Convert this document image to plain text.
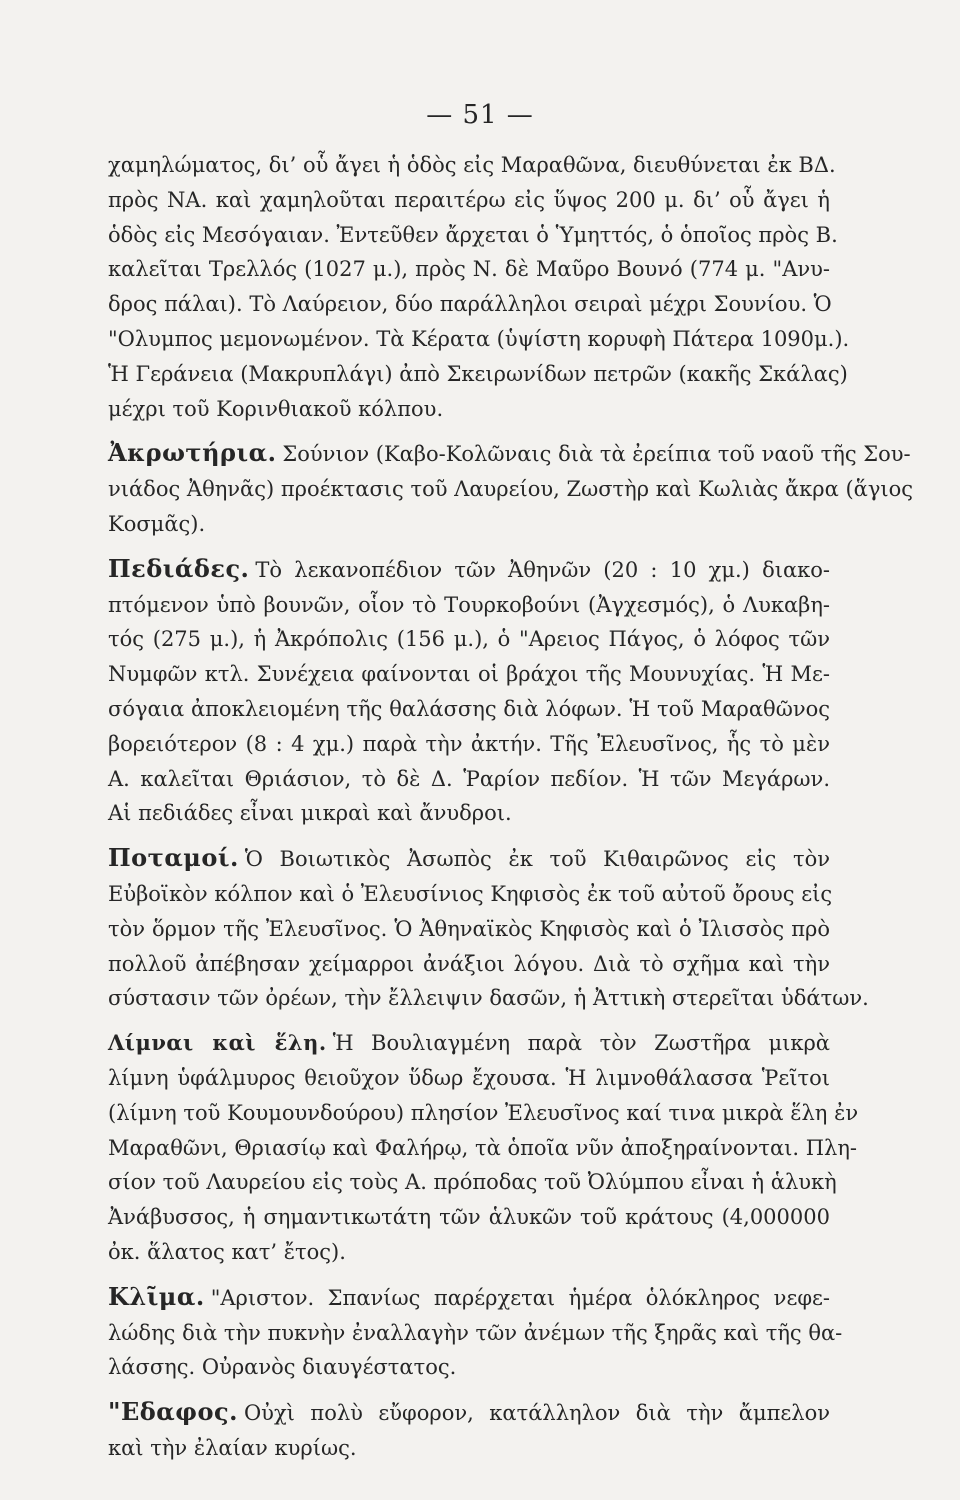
— 51 —
χαμηλώματος, δι’ οὗ ἄγει ἡ ὁδὸς εἰς Μαραθῶνα, διευθύνεται ἐκ ΒΔ.
πρὸς ΝΑ. καὶ χαμηλοῦται περαιτέρω εἰς ὕψος 200 μ. δι’ οὗ ἄγει ἡ
ὁδὸς εἰς Μεσόγαιαν. Ἐντεῦθεν ἄρχεται ὁ Ὑμηττός, ὁ ὁποῖος πρὸς Β.
καλεῖται Τρελλός (1027 μ.), πρὸς Ν. δὲ Μαῦρο Βουνό (774 μ. "Ανυ-
δρος πάλαι). Τὸ Λαύρειον, δύο παράλληλοι σειραὶ μέχρι Σουνίου. Ὁ
"Ολυμπος μεμονωμένον. Τὰ Κέρατα (ὑψίστη κορυφὴ Πάτερα 1090μ.).
Ἡ Γεράνεια (Μακρυπλάγι) ἀπὸ Σκειρωνίδων πετρῶν (κακῆς Σκάλας)
μέχρι τοῦ Κορινθιακοῦ κόλπου.
Ἀκρωτήρια. Σούνιον (Καβο-Κολῶναις διὰ τὰ ἐρείπια τοῦ ναοῦ τῆς Σου-
νιάδος Ἀθηνᾶς) προέκτασις τοῦ Λαυρείου, Ζωστὴρ καὶ Κωλιὰς ἄκρα (ἅγιος
Κοσμᾶς).
Πεδιάδες. Τὸ λεκανοπέδιον τῶν Ἀθηνῶν (20 : 10 χμ.) διακο-
πτόμενον ὑπὸ βουνῶν, οἷον τὸ Τουρκοβούνι (Ἀγχεσμός), ὁ Λυκαβη-
τός (275 μ.), ἡ Ἀκρόπολις (156 μ.), ὁ "Αρειος Πάγος, ὁ λόφος τῶν
Νυμφῶν κτλ. Συνέχεια φαίνονται οἱ βράχοι τῆς Μουνυχίας. Ἡ Με-
σόγαια ἀποκλειομένη τῆς θαλάσσης διὰ λόφων. Ἡ τοῦ Μαραθῶνος
βορειότερον (8 : 4 χμ.) παρὰ τὴν ἀκτήν. Τῆς Ἐλευσῖνος, ἧς τὸ μὲν
Α. καλεῖται Θριάσιον, τὸ δὲ Δ. Ῥαρίον πεδίον. Ἡ τῶν Μεγάρων.
Αἱ πεδιάδες εἶναι μικραὶ καὶ ἄνυδροι.
Ποταμοί. Ὁ Βοιωτικὸς Ἀσωπὸς ἐκ τοῦ Κιθαιρῶνος εἰς τὸν
Εὐβοϊκὸν κόλπον καὶ ὁ Ἐλευσίνιος Κηφισὸς ἐκ τοῦ αὐτοῦ ὄρους εἰς
τὸν ὅρμον τῆς Ἐλευσῖνος. Ὁ Ἀθηναϊκὸς Κηφισὸς καὶ ὁ Ἰλισσὸς πρὸ
πολλοῦ ἀπέβησαν χείμαρροι ἀνάξιοι λόγου. Διὰ τὸ σχῆμα καὶ τὴν
σύστασιν τῶν ὀρέων, τὴν ἔλλειψιν δασῶν, ἡ Ἀττικὴ στερεῖται ὑδάτων.
Λίμναι καὶ ἕλη. Ἡ Βουλιαγμένη παρὰ τὸν Ζωστῆρα μικρὰ
λίμνη ὑφάλμυρος θειοῦχον ὕδωρ ἔχουσα. Ἡ λιμνοθάλασσα Ῥεῖτοι
(λίμνη τοῦ Κουμουνδούρου) πλησίον Ἐλευσῖνος καί τινα μικρὰ ἕλη ἐν
Μαραθῶνι, Θριασίῳ καὶ Φαλήρῳ, τὰ ὁποῖα νῦν ἀποξηραίνονται. Πλη-
σίον τοῦ Λαυρείου εἰς τοὺς Α. πρόποδας τοῦ Ὀλύμπου εἶναι ἡ ἁλυκὴ
Ἀνάβυσσος, ἡ σημαντικωτάτη τῶν ἁλυκῶν τοῦ κράτους (4,000000
ὀκ. ἅλατος κατ’ ἔτος).
Κλῖμα. "Αριστον. Σπανίως παρέρχεται ἡμέρα ὁλόκληρος νεφε-
λώδης διὰ τὴν πυκνὴν ἐναλλαγὴν τῶν ἀνέμων τῆς ξηρᾶς καὶ τῆς θα-
λάσσης. Οὐρανὸς διαυγέστατος.
"Εδαφος. Οὐχὶ πολὺ εὔφορον, κατάλληλον διὰ τὴν ἄμπελον
καὶ τὴν ἐλαίαν κυρίως.
